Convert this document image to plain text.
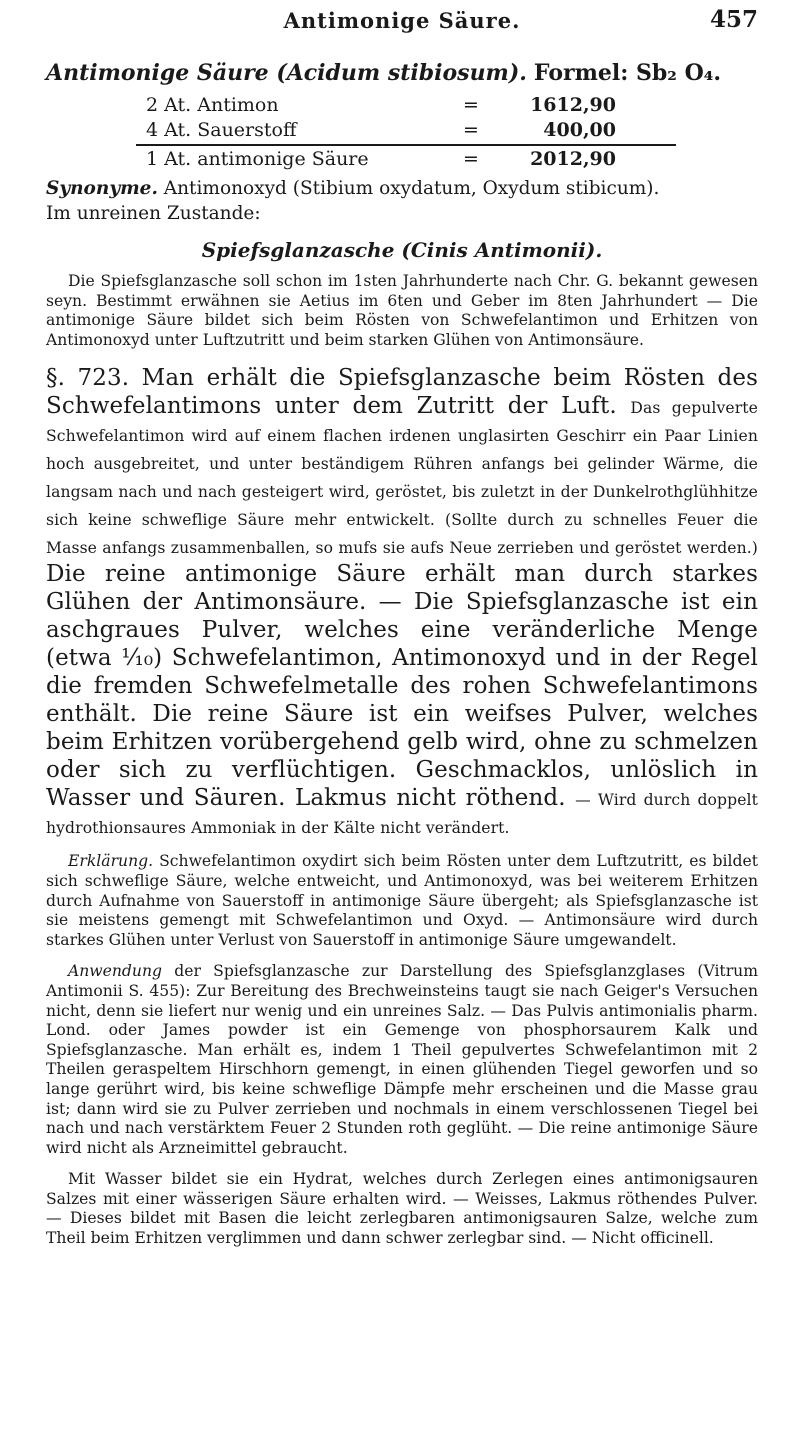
Antimonige Säure.	457
Antimonige Säure (Acidum stibiosum). Formel: Sb₂ O₄.
2 At. Antimon	=	1612,90
4 At. Sauerstoff	=	400,00
1 At. antimonige Säure	=	2012,90
Synonyme. Antimonoxyd (Stibium oxydatum, Oxydum stibicum).
Im unreinen Zustande:
Spiefsglanzasche (Cinis Antimonii).

Die Spiefsglanzasche soll schon im 1sten Jahrhunderte nach Chr. G. bekannt gewesen seyn. Bestimmt erwähnen sie Aetius im 6ten und Geber im 8ten Jahrhundert — Die antimonige Säure bildet sich beim Rösten von Schwefelantimon und Erhitzen von Antimonoxyd unter Luftzutritt und beim starken Glühen von Antimonsäure.

§. 723. Man erhält die Spiefsglanzasche beim Rösten des Schwefelantimons unter dem Zutritt der Luft. Das gepulverte Schwefelantimon wird auf einem flachen irdenen unglasirten Geschirr ein Paar Linien hoch ausgebreitet, und unter beständigem Rühren anfangs bei gelinder Wärme, die langsam nach und nach gesteigert wird, geröstet, bis zuletzt in der Dunkelrothglühhitze sich keine schweflige Säure mehr entwickelt. (Sollte durch zu schnelles Feuer die Masse anfangs zusammenballen, so mufs sie aufs Neue zerrieben und geröstet werden.) Die reine antimonige Säure erhält man durch starkes Glühen der Antimonsäure. — Die Spiefsglanzasche ist ein aschgraues Pulver, welches eine veränderliche Menge (etwa ¹⁄₁₀) Schwefelantimon, Antimonoxyd und in der Regel die fremden Schwefelmetalle des rohen Schwefelantimons enthält. Die reine Säure ist ein weifses Pulver, welches beim Erhitzen vorübergehend gelb wird, ohne zu schmelzen oder sich zu verflüchtigen. Geschmacklos, unlöslich in Wasser und Säuren. Lakmus nicht röthend. — Wird durch doppelt hydrothionsaures Ammoniak in der Kälte nicht verändert.

Erklärung. Schwefelantimon oxydirt sich beim Rösten unter dem Luftzutritt, es bildet sich schweflige Säure, welche entweicht, und Antimonoxyd, was bei weiterem Erhitzen durch Aufnahme von Sauerstoff in antimonige Säure übergeht; als Spiefsglanzasche ist sie meistens gemengt mit Schwefelantimon und Oxyd. — Antimonsäure wird durch starkes Glühen unter Verlust von Sauerstoff in antimonige Säure umgewandelt.

Anwendung der Spiefsglanzasche zur Darstellung des Spiefsglanzglases (Vitrum Antimonii S. 455): Zur Bereitung des Brechweinsteins taugt sie nach Geiger's Versuchen nicht, denn sie liefert nur wenig und ein unreines Salz. — Das Pulvis antimonialis pharm. Lond. oder James powder ist ein Gemenge von phosphorsaurem Kalk und Spiefsglanzasche. Man erhält es, indem 1 Theil gepulvertes Schwefelantimon mit 2 Theilen geraspeltem Hirschhorn gemengt, in einen glühenden Tiegel geworfen und so lange gerührt wird, bis keine schweflige Dämpfe mehr erscheinen und die Masse grau ist; dann wird sie zu Pulver zerrieben und nochmals in einem verschlossenen Tiegel bei nach und nach verstärktem Feuer 2 Stunden roth geglüht. — Die reine antimonige Säure wird nicht als Arzneimittel gebraucht.

Mit Wasser bildet sie ein Hydrat, welches durch Zerlegen eines antimonigsauren Salzes mit einer wässerigen Säure erhalten wird. — Weisses, Lakmus röthendes Pulver. — Dieses bildet mit Basen die leicht zerlegbaren antimonigsauren Salze, welche zum Theil beim Erhitzen verglimmen und dann schwer zerlegbar sind. — Nicht officinell.
